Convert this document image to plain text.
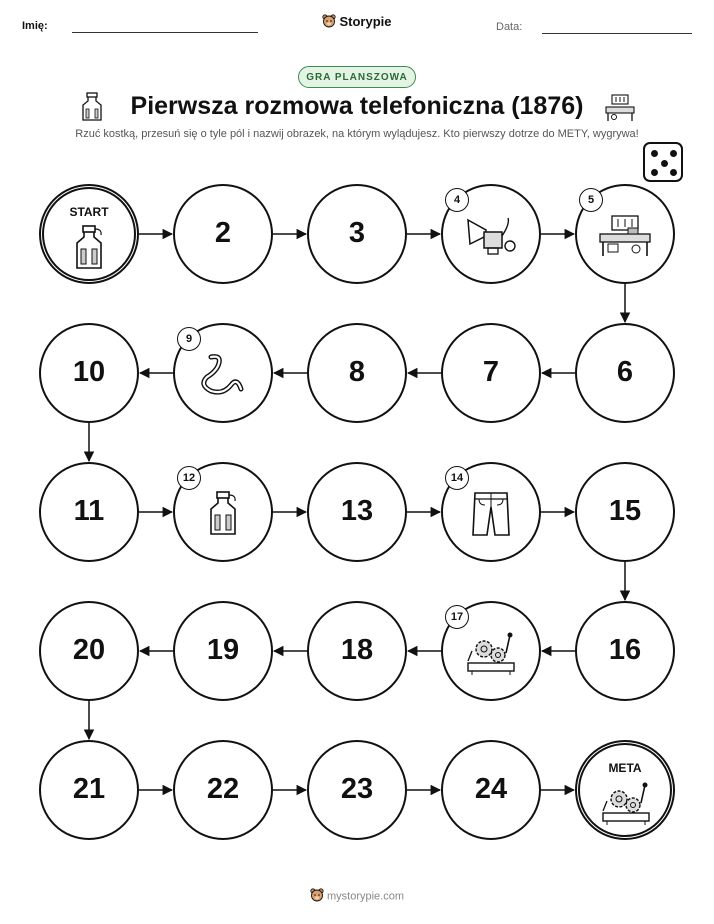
Imię:	Storypie	Data:
GRA PLANSZOWA
Pierwsza rozmowa telefoniczna (1876)
Rzuć kostką, przesuń się o tyle pól i nazwij obrazek, na którym wylądujesz. Kto pierwszy dotrze do METY, wygrywa!
START
2	3
4	5
6
7
8
9
10
11
12
13
14
15
16
17
18
19
20
21	22	23	24
META
mystorypie.com
